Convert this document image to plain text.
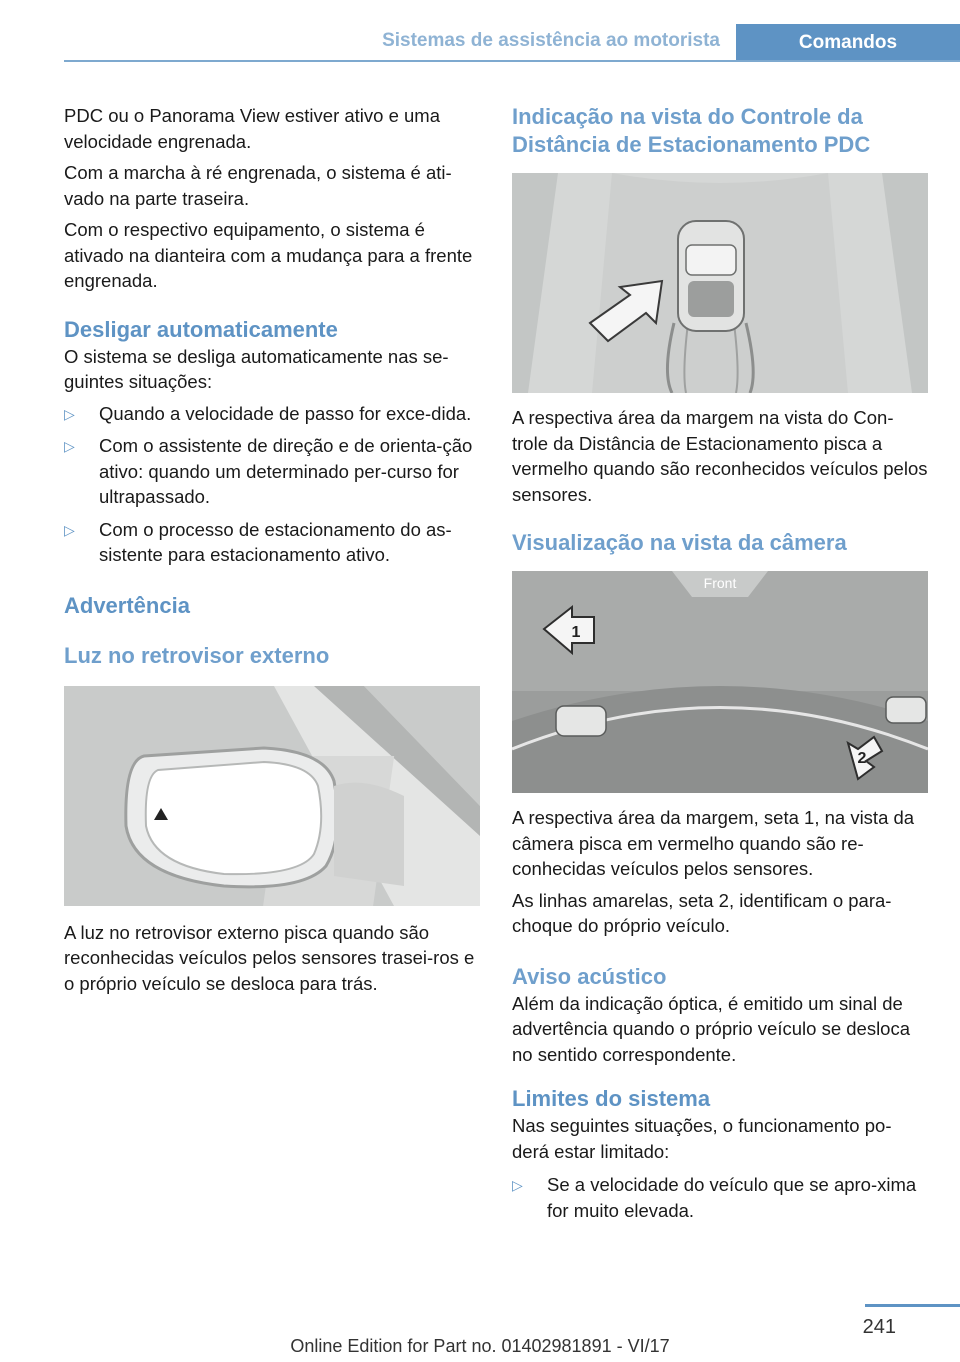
Sistemas de assistência ao motorista	Comandos

PDC ou o Panorama View estiver ativo e uma velocidade engrenada.

Com a marcha à ré engrenada, o sistema é ati‐vado na parte traseira.

Com o respectivo equipamento, o sistema é ativado na dianteira com a mudança para a frente engrenada.

Desligar automaticamente

O sistema se desliga automaticamente nas se‐guintes situações:

▷ Quando a velocidade de passo for exce‐dida.
▷ Com o assistente de direção e de orienta‐ção ativo: quando um determinado per‐curso for ultrapassado.
▷ Com o processo de estacionamento do as‐sistente para estacionamento ativo.
Advertência
Luz no retrovisor externo

A luz no retrovisor externo pisca quando são reconhecidas veículos pelos sensores trasei‐ros e o próprio veículo se desloca para trás.

Indicação na vista do Controle da Distância de Estacionamento PDC

A respectiva área da margem na vista do Con‐trole da Distância de Estacionamento pisca a vermelho quando são reconhecidos veículos pelos sensores.

Visualização na vista da câmera
Front
1
2

A respectiva área da margem, seta 1, na vista da câmera pisca em vermelho quando são re‐conhecidas veículos pelos sensores.

As linhas amarelas, seta 2, identificam o para-choque do próprio veículo.

Aviso acústico

Além da indicação óptica, é emitido um sinal de advertência quando o próprio veículo se desloca no sentido correspondente.

Limites do sistema

Nas seguintes situações, o funcionamento po‐derá estar limitado:

▷ Se a velocidade do veículo que se apro‐xima for muito elevada.
241
Online Edition for Part no. 01402981891 - VI/17
